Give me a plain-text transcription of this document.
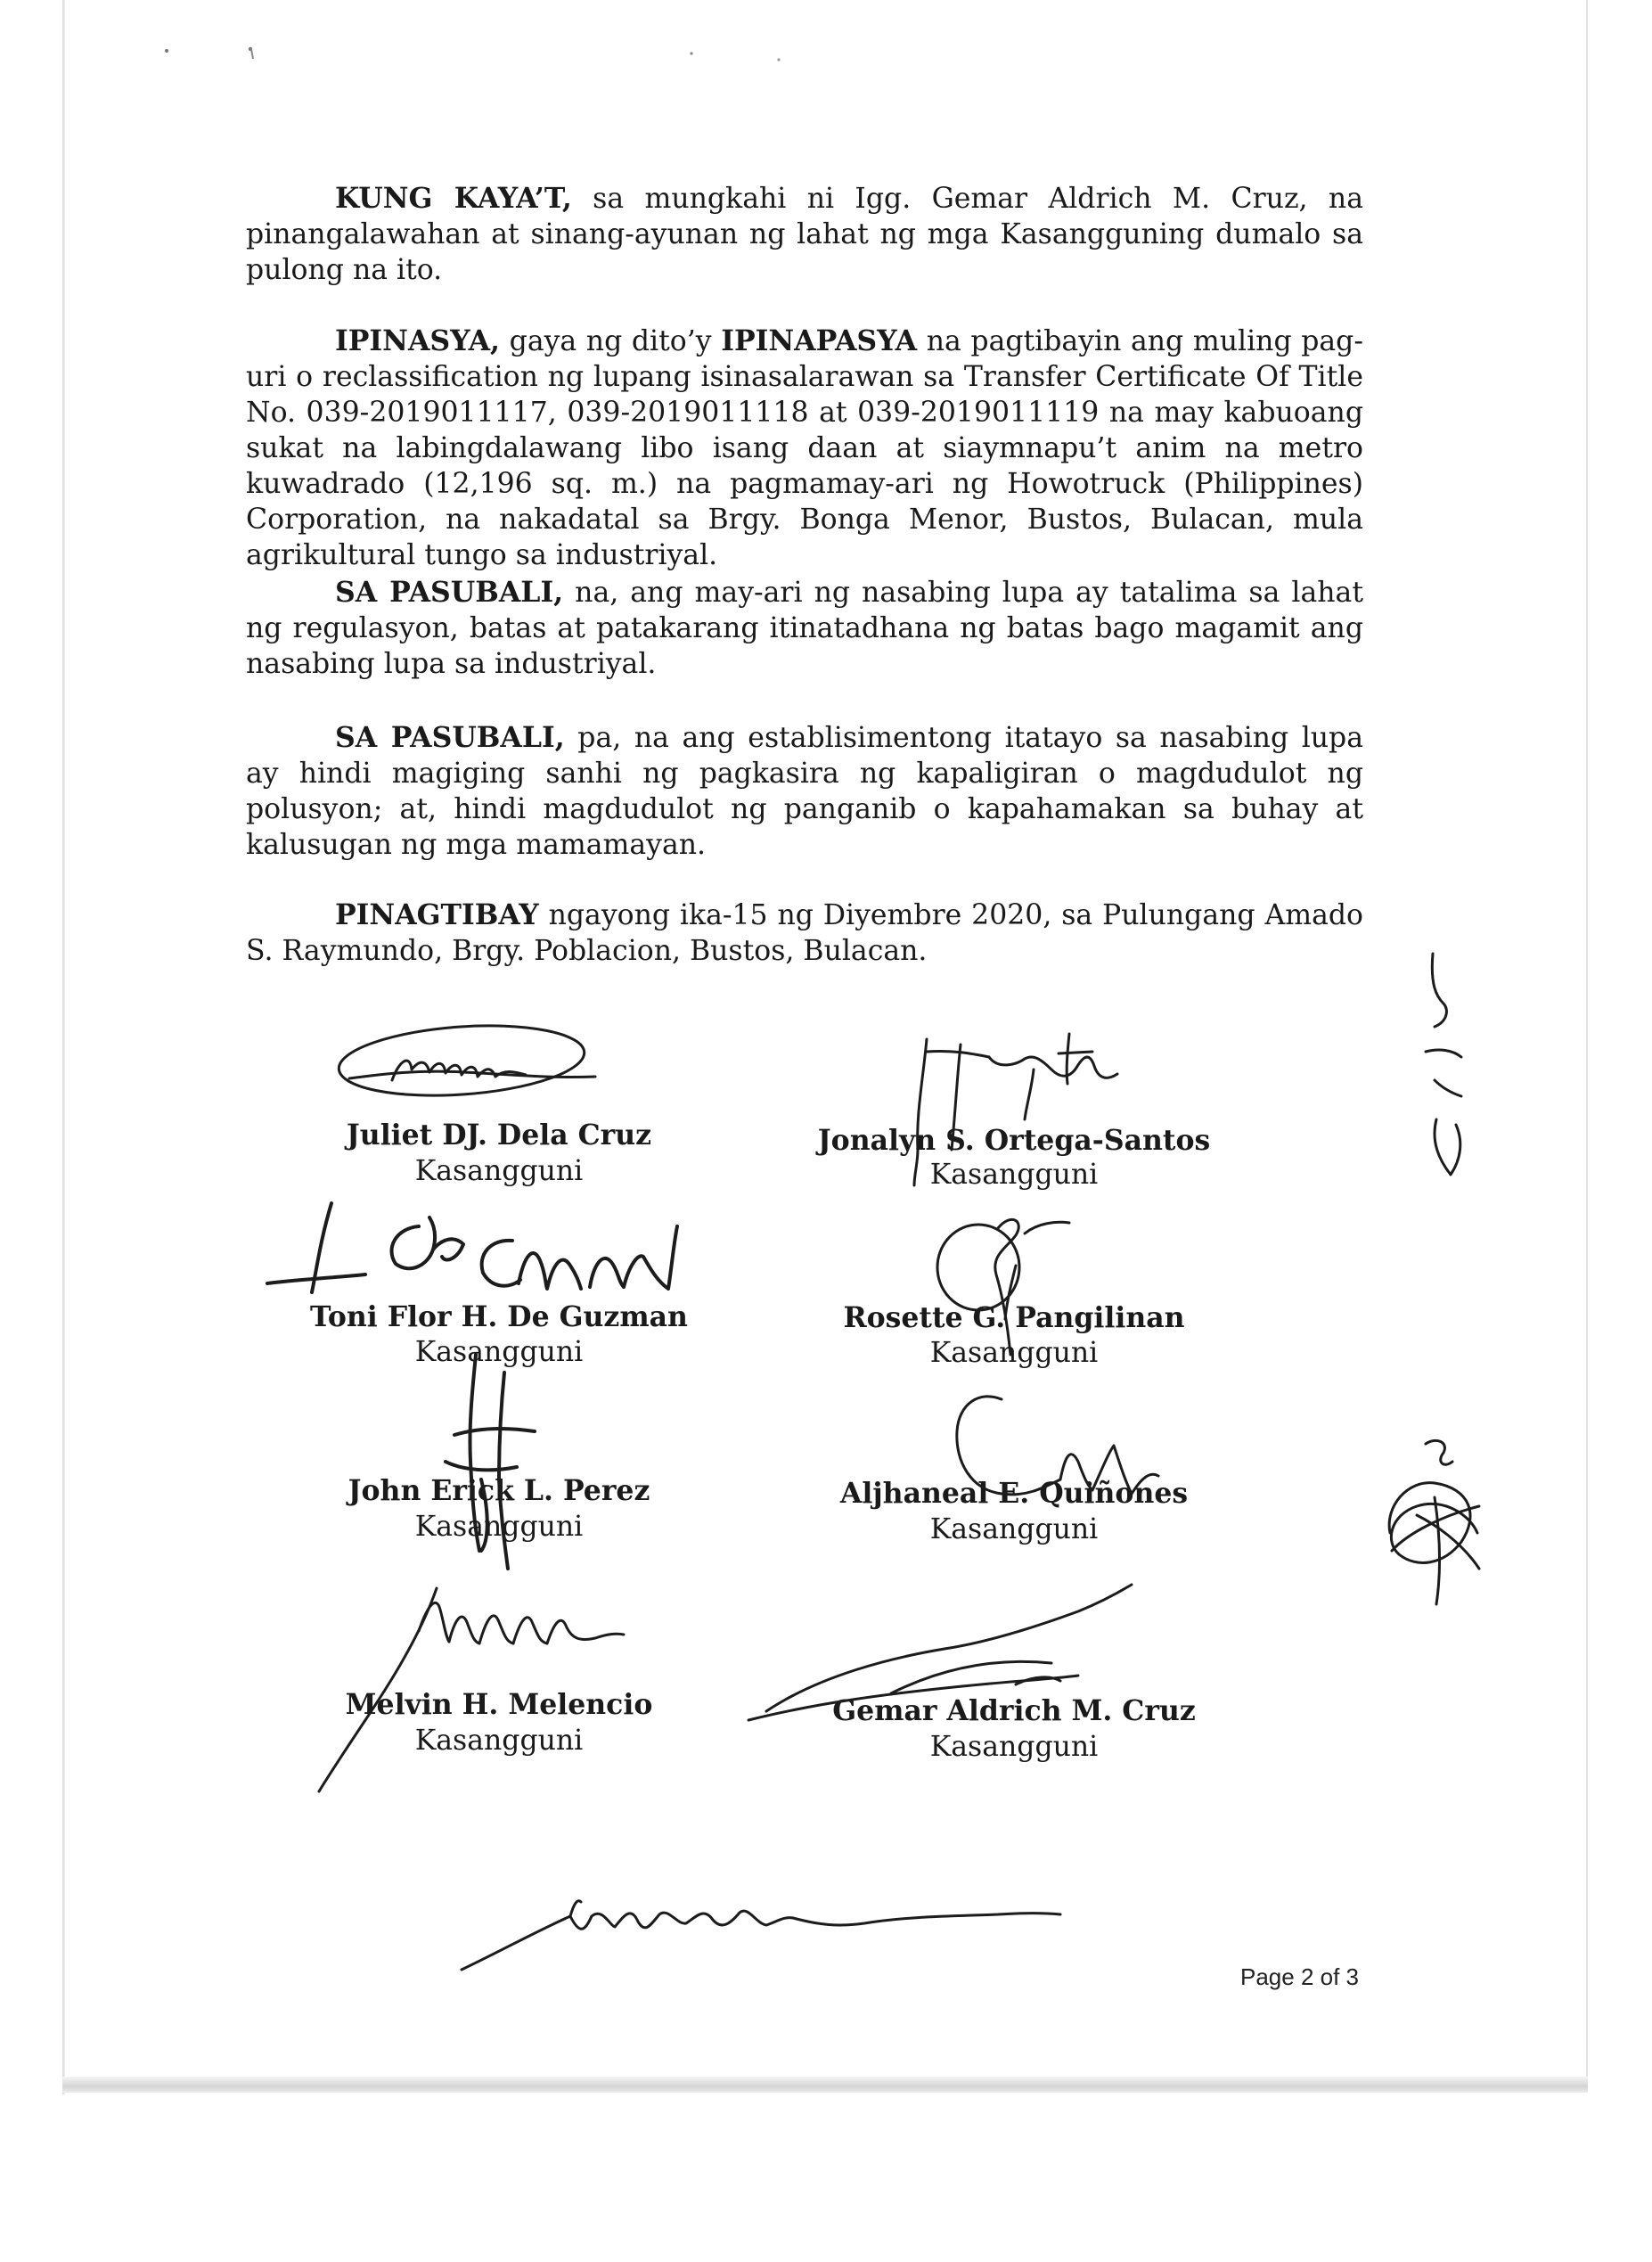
KUNG KAYA’T, sa mungkahi ni Igg. Gemar Aldrich M. Cruz, na pinangalawahan at sinang-ayunan ng lahat ng mga Kasangguning dumalo sa pulong na ito.

IPINASYA, gaya ng dito’y IPINAPASYA na pagtibayin ang muling pag-uri o reclassification ng lupang isinasalarawan sa Transfer Certificate Of Title No. 039-2019011117, 039-2019011118 at 039-2019011119 na may kabuoang sukat na labingdalawang libo isang daan at siaymnapu’t anim na metro kuwadrado (12,196 sq. m.) na pagmamay-ari ng Howotruck (Philippines) Corporation, na nakadatal sa Brgy. Bonga Menor, Bustos, Bulacan, mula agrikultural tungo sa industriyal.

SA PASUBALI, na, ang may-ari ng nasabing lupa ay tatalima sa lahat ng regulasyon, batas at patakarang itinatadhana ng batas bago magamit ang nasabing lupa sa industriyal.

SA PASUBALI, pa, na ang establisimentong itatayo sa nasabing lupa ay hindi magiging sanhi ng pagkasira ng kapaligiran o magdudulot ng polusyon; at, hindi magdudulot ng panganib o kapahamakan sa buhay at kalusugan ng mga mamamayan.

PINAGTIBAY ngayong ika-15 ng Diyembre 2020, sa Pulungang Amado S. Raymundo, Brgy. Poblacion, Bustos, Bulacan.

Juliet DJ. Dela Cruz
Kasangguni
Jonalyn S. Ortega-Santos
Kasangguni
Toni Flor H. De Guzman
Kasangguni
Rosette G. Pangilinan
Kasangguni
John Erick L. Perez
Kasangguni
Aljhaneal E. Quiñones
Kasangguni
Melvin H. Melencio
Kasangguni
Gemar Aldrich M. Cruz
Kasangguni
Page 2 of 3
